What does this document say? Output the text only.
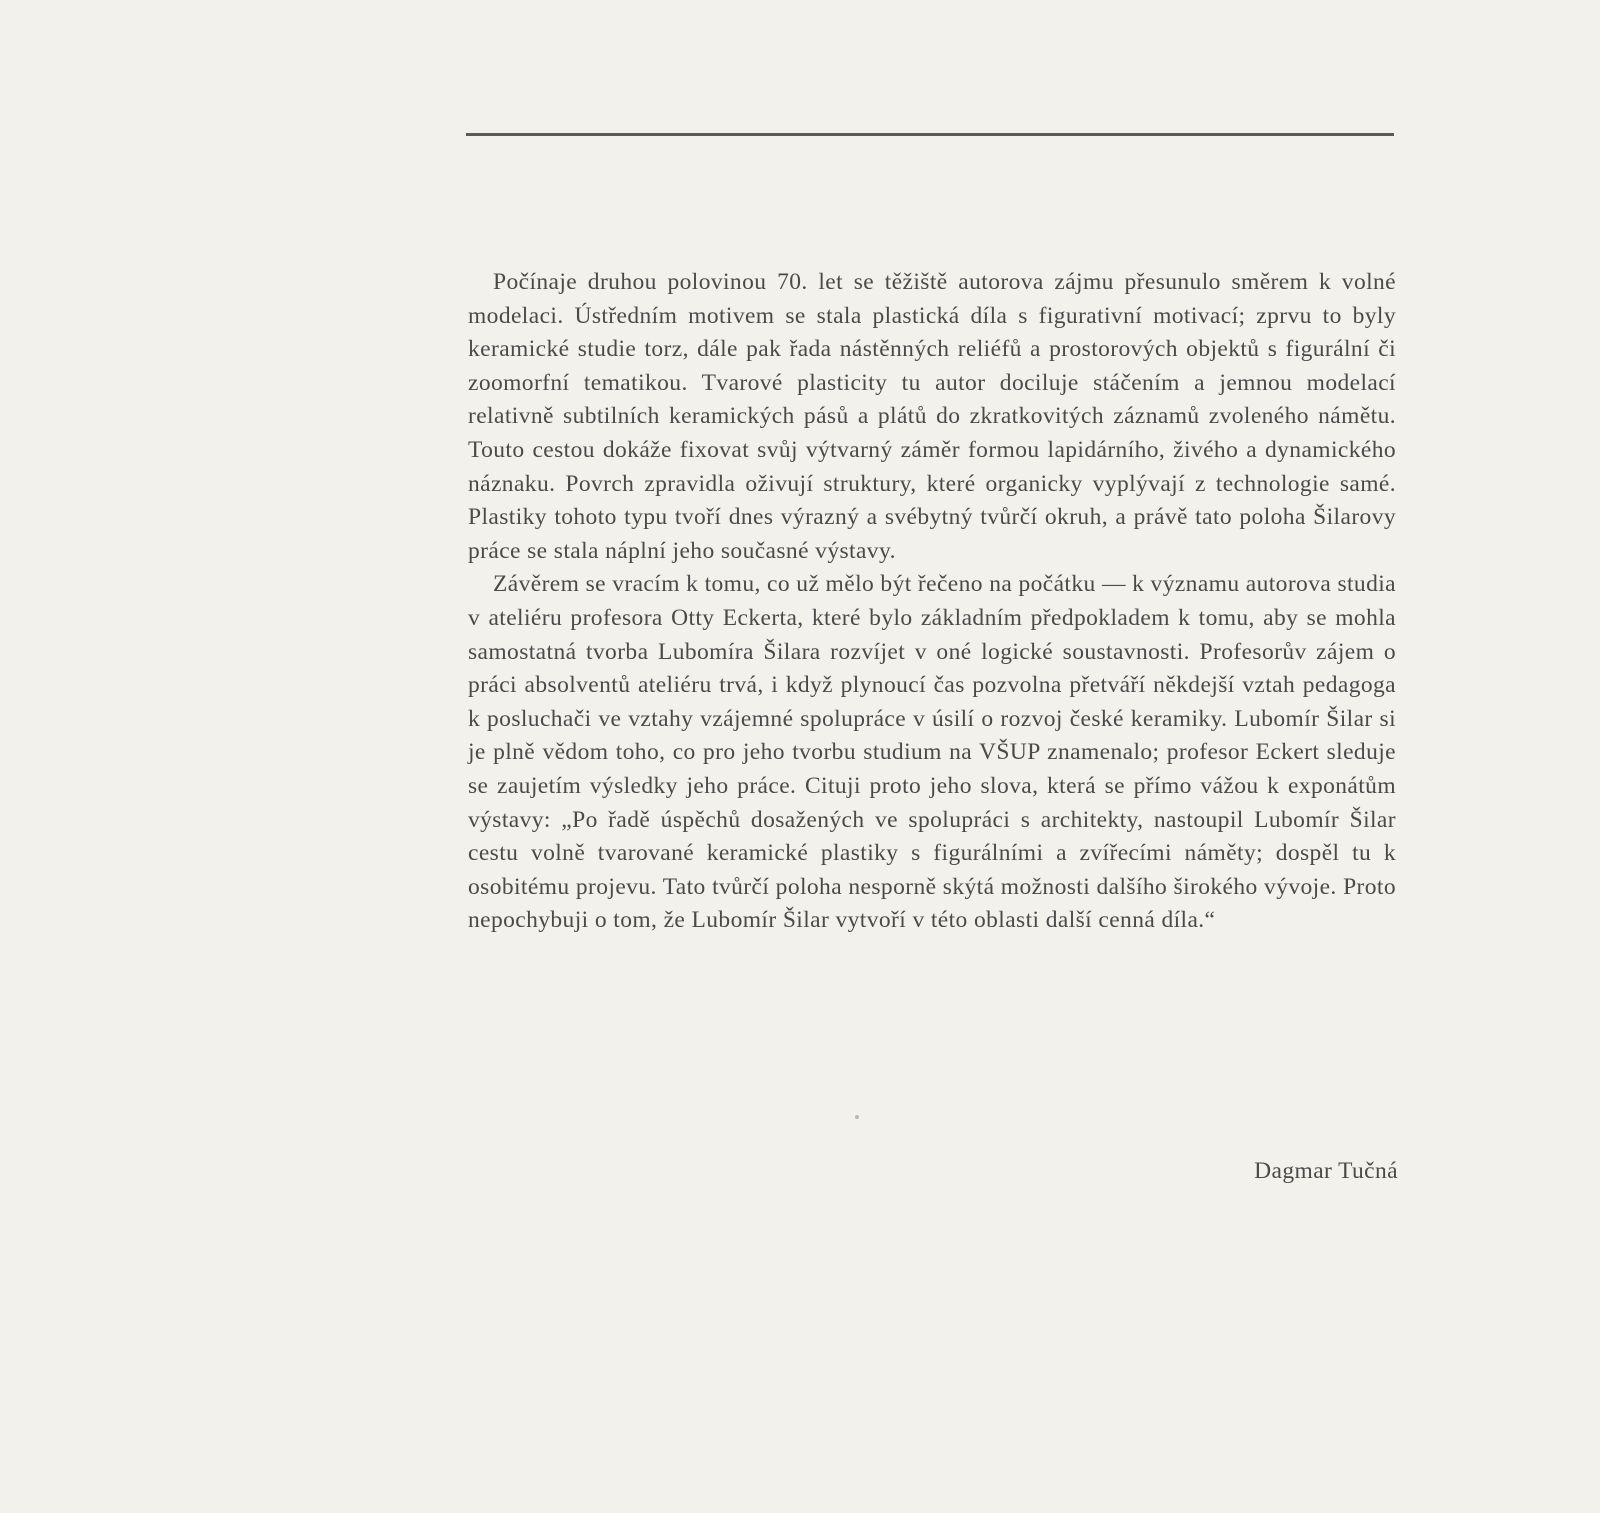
Počínaje druhou polovinou 70. let se těžiště autorova zájmu přesunulo směrem k volné modelaci. Ústředním motivem se stala plastická díla s figurativní motivací; zprvu to byly keramické studie torz, dále pak řada nástěnných reliéfů a prostorových objektů s figurální či zoomorfní tematikou. Tvarové plasticity tu autor dociluje stáčením a jemnou modelací relativně subtilních keramických pásů a plátů do zkratkovitých záznamů zvoleného námětu. Touto cestou dokáže fixovat svůj výtvarný záměr formou lapidárního, živého a dynamického náznaku. Povrch zpravidla oživují struktury, které organicky vyplývají z technologie samé. Plastiky tohoto typu tvoří dnes výrazný a svébytný tvůrčí okruh, a právě tato poloha Šilarovy práce se stala náplní jeho současné výstavy.

Závěrem se vracím k tomu, co už mělo být řečeno na počátku — k významu autorova studia v ateliéru profesora Otty Eckerta, které bylo základním předpokladem k tomu, aby se mohla samostatná tvorba Lubomíra Šilara rozvíjet v oné logické soustavnosti. Profesorův zájem o práci absolventů ateliéru trvá, i když plynoucí čas pozvolna přetváří někdejší vztah pedagoga k posluchači ve vztahy vzájemné spolupráce v úsilí o rozvoj české keramiky. Lubomír Šilar si je plně vědom toho, co pro jeho tvorbu studium na VŠUP znamenalo; profesor Eckert sleduje se zaujetím výsledky jeho práce. Cituji proto jeho slova, která se přímo vážou k exponátům výstavy: „Po řadě úspěchů dosažených ve spolupráci s architekty, nastoupil Lubomír Šilar cestu volně tvarované keramické plastiky s figurálními a zvířecími náměty; dospěl tu k osobitému projevu. Tato tvůrčí poloha nesporně skýtá možnosti dalšího širokého vývoje. Proto nepochybuji o tom, že Lubomír Šilar vytvoří v této oblasti další cenná díla.“

Dagmar Tučná
